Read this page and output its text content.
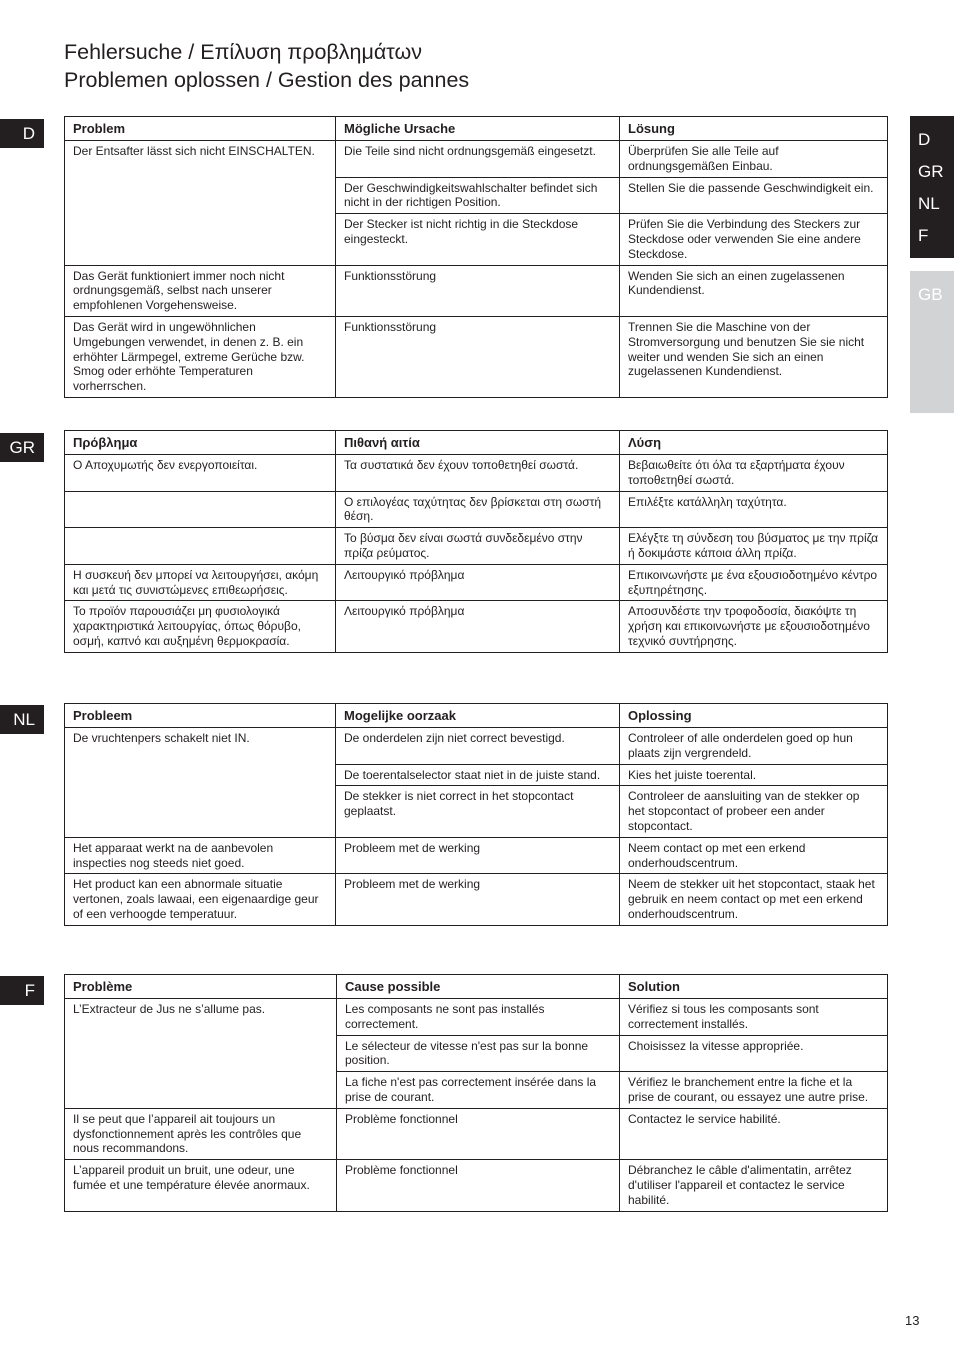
Fehlersuche / Επίλυση προβλημάτων
Problemen oplossen / Gestion des pannes
D
GR
NL
F
GB
D	Problem	Mögliche Ursache	Lösung
Der Entsafter lässt sich nicht EINSCHALTEN.	Die Teile sind nicht ordnungsgemäß eingesetzt.	Überprüfen Sie alle Teile auf ordnungsgemäßen Einbau.
	Der Geschwindigkeitswahlschalter befindet sich nicht in der richtigen Position.	Stellen Sie die passende Geschwindigkeit ein.
	Der Stecker ist nicht richtig in die Steckdose eingesteckt.	Prüfen Sie die Verbindung des Steckers zur Steckdose oder verwenden Sie eine andere Steckdose.
Das Gerät funktioniert immer noch nicht ordnungsgemäß, selbst nach unserer empfohlenen Vorgehensweise.	Funktionsstörung	Wenden Sie sich an einen zugelassenen Kundendienst.
Das Gerät wird in ungewöhnlichen Umgebungen verwendet, in denen z. B. ein erhöhter Lärmpegel, extreme Gerüche bzw. Smog oder erhöhte Temperaturen vorherrschen.	Funktionsstörung	Trennen Sie die Maschine von der Stromversorgung und benutzen Sie sie nicht weiter und wenden Sie sich an einen zugelassenen Kundendienst.
GR	Πρόβλημα	Πιθανή αιτία	Λύση
Ο Αποχυμωτής δεν ενεργοποιείται.	Τα συστατικά δεν έχουν τοποθετηθεί σωστά.	Βεβαιωθείτε ότι όλα τα εξαρτήματα έχουν τοποθετηθεί σωστά.
	Ο επιλογέας ταχύτητας δεν βρίσκεται στη σωστή θέση.	Επιλέξτε κατάλληλη ταχύτητα.
	Το βύσμα δεν είναι σωστά συνδεδεμένο στην πρίζα ρεύματος.	Ελέγξτε τη σύνδεση του βύσματος με την πρίζα ή δοκιμάστε κάποια άλλη πρίζα.
Η συσκευή δεν μπορεί να λειτουργήσει, ακόμη και μετά τις συνιστώμενες επιθεωρήσεις.	Λειτουργικό πρόβλημα	Επικοινωνήστε με ένα εξουσιοδοτημένο κέντρο εξυπηρέτησης.
Το προϊόν παρουσιάζει μη φυσιολογικά χαρακτηριστικά λειτουργίας, όπως θόρυβο, οσμή, καπνό και αυξημένη θερμοκρασία.	Λειτουργικό πρόβλημα	Αποσυνδέστε την τροφοδοσία, διακόψτε τη χρήση και επικοινωνήστε με εξουσιοδοτημένο τεχνικό συντήρησης.
NL	Probleem	Mogelijke oorzaak	Oplossing
De vruchtenpers schakelt niet IN.	De onderdelen zijn niet correct bevestigd.	Controleer of alle onderdelen goed op hun plaats zijn vergrendeld.
	De toerentalselector staat niet in de juiste stand.	Kies het juiste toerental.
	De stekker is niet correct in het stopcontact geplaatst.	Controleer de aansluiting van de stekker op het stopcontact of probeer een ander stopcontact.
Het apparaat werkt na de aanbevolen inspecties nog steeds niet goed.	Probleem met de werking	Neem contact op met een erkend onderhoudscentrum.
Het product kan een abnormale situatie vertonen, zoals lawaai, een eigenaardige geur of een verhoogde temperatuur.	Probleem met de werking	Neem de stekker uit het stopcontact, staak het gebruik en neem contact op met een erkend onderhoudscentrum.
F	Problème	Cause possible	Solution
L’Extracteur de Jus ne s’allume pas.	Les composants ne sont pas installés correctement.	Vérifiez si tous les composants sont correctement installés.
	Le sélecteur de vitesse n'est pas sur la bonne position.	Choisissez la vitesse appropriée.
	La fiche n'est pas correctement insérée dans la prise de courant.	Vérifiez le branchement entre la fiche et la prise de courant, ou essayez une autre prise.
Il se peut que l’appareil ait toujours un dysfonctionnement après les contrôles que nous recommandons.	Problème fonctionnel	Contactez le service habilité.
L’appareil produit un bruit, une odeur, une fumée et une température élevée anormaux.	Problème fonctionnel	Débranchez le câble d'alimentatin, arrêtez d'utiliser l'appareil et contactez le service habilité.
13
